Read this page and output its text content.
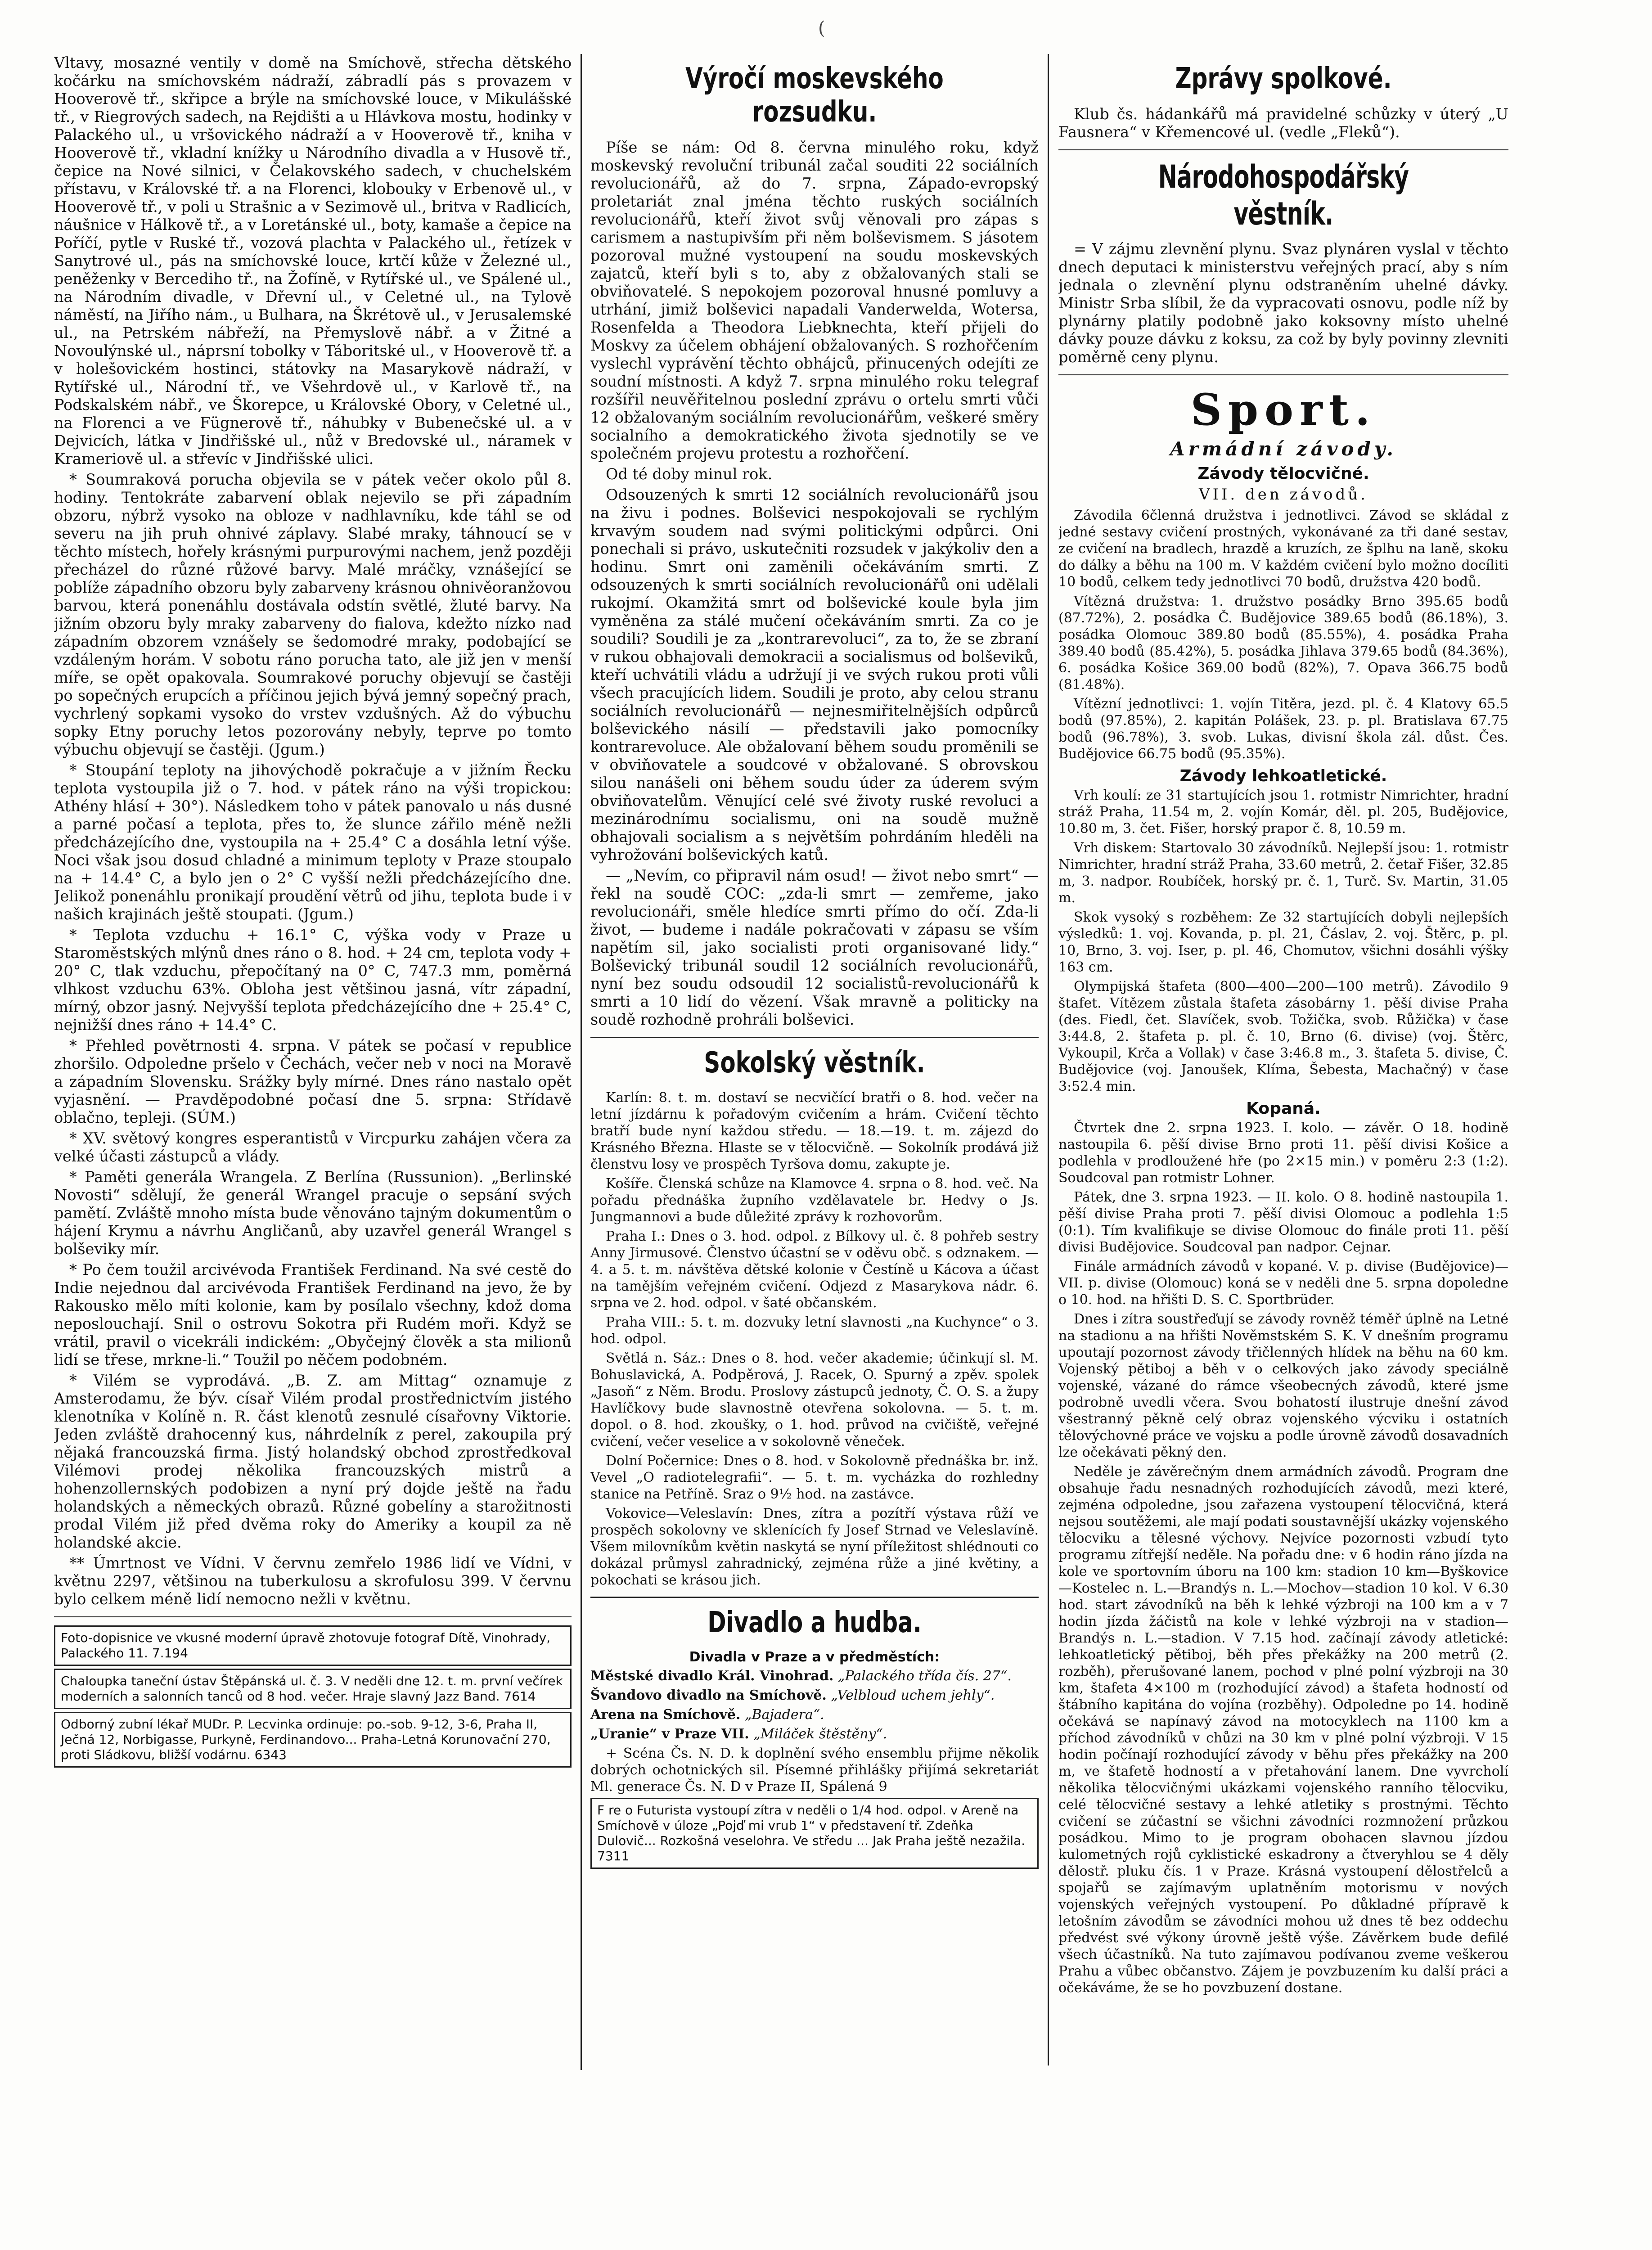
(

Vltavy, mosazné ventily v domě na Smíchově, střecha dětského kočárku na smíchovském nádraží, zábradlí pás s provazem v Hooverově tř., skřipce a brýle na smíchovské louce, v Mikulášské tř., v Riegrových sadech, na Rejdišti a u Hlávkova mostu, hodinky v Palackého ul., u vršovického nádraží a v Hooverově tř., kniha v Hooverově tř., vkladní knížky u Národního divadla a v Husově tř., čepice na Nové silnici, v Čelakovského sadech, v chuchelském přístavu, v Královské tř. a na Florenci, klobouky v Erbenově ul., v Hooverově tř., v poli u Strašnic a v Sezimově ul., britva v Radlicích, náušnice v Hálkově tř., a v Loretánské ul., boty, kamaše a čepice na Poříčí, pytle v Ruské tř., vozová plachta v Palackého ul., řetízek v Sanytrové ul., pás na smíchovské louce, krtčí kůže v Železné ul., peněženky v Bercediho tř., na Žofíně, v Rytířské ul., ve Spálené ul., na Národním divadle, v Dřevní ul., v Celetné ul., na Tylově náměstí, na Jiřího nám., u Bulhara, na Škrétově ul., v Jerusalemské ul., na Petrském nábřeží, na Přemyslově nábř. a v Žitné a Novoulýnské ul., náprsní tobolky v Táboritské ul., v Hooverově tř. a v holešovickém hostinci, státovky na Masarykově nádraží, v Rytířské ul., Národní tř., ve Všehrdově ul., v Karlově tř., na Podskalském nábř., ve Škorepce, u Královské Obory, v Celetné ul., na Florenci a ve Fügnerově tř., náhubky v Bubenečské ul. a v Dejvicích, látka v Jindřišské ul., nůž v Bredovské ul., náramek v Krameriově ul. a střevíc v Jindřišské ulici.

* Soumraková porucha objevila se v pátek večer okolo půl 8. hodiny. Tentokráte zabarvení oblak nejevilo se při západním obzoru, nýbrž vysoko na obloze v nadhlavníku, kde táhl se od severu na jih pruh ohnivé záplavy. Slabé mraky, táhnoucí se v těchto místech, hořely krásnými purpurovými nachem, jenž později přecházel do různé růžové barvy. Malé mráčky, vznášející se poblíže západního obzoru byly zabarveny krásnou ohnivěoranžovou barvou, která ponenáhlu dostávala odstín světlé, žluté barvy. Na jižním obzoru byly mraky zabarveny do fialova, kdežto nízko nad západním obzorem vznášely se šedomodré mraky, podobající se vzdáleným horám. V sobotu ráno porucha tato, ale již jen v menší míře, se opět opakovala. Soumrakové poruchy objevují se častěji po sopečných erupcích a příčinou jejich bývá jemný sopečný prach, vychrlený sopkami vysoko do vrstev vzdušných. Až do výbuchu sopky Etny poruchy letos pozorovány nebyly, teprve po tomto výbuchu objevují se častěji. (Jgum.)

* Stoupání teploty na jihovýchodě pokračuje a v jižním Řecku teplota vystoupila již o 7. hod. v pátek ráno na výši tropickou: Athény hlásí + 30°). Následkem toho v pátek panovalo u nás dusné a parné počasí a teplota, přes to, že slunce zářilo méně nežli předcházejícího dne, vystoupila na + 25.4° C a dosáhla letní výše. Noci však jsou dosud chladné a minimum teploty v Praze stoupalo na + 14.4° C, a bylo jen o 2° C vyšší nežli předcházejícího dne. Jelikož ponenáhlu pronikají proudění větrů od jihu, teplota bude i v našich krajinách ještě stoupati. (Jgum.)

* Teplota vzduchu + 16.1° C, výška vody v Praze u Staroměstských mlýnů dnes ráno o 8. hod. + 24 cm, teplota vody + 20° C, tlak vzduchu, přepočítaný na 0° C, 747.3 mm, poměrná vlhkost vzduchu 63%. Obloha jest většinou jasná, vítr západní, mírný, obzor jasný. Nejvyšší teplota předcházejícího dne + 25.4° C, nejnižší dnes ráno + 14.4° C.

* Přehled povětrnosti 4. srpna. V pátek se počasí v republice zhoršilo. Odpoledne pršelo v Čechách, večer neb v noci na Moravě a západním Slovensku. Srážky byly mírné. Dnes ráno nastalo opět vyjasnění. — Pravděpodobné počasí dne 5. srpna: Střídavě oblačno, tepleji. (SÚM.)

* XV. světový kongres esperantistů v Vircpurku zahájen včera za velké účasti zástupců a vlády.

* Paměti generála Wrangela. Z Berlína (Russunion). „Berlinské Novosti“ sdělují, že generál Wrangel pracuje o sepsání svých pamětí. Zvláště mnoho místa bude věnováno tajným dokumentům o hájení Krymu a návrhu Angličanů, aby uzavřel generál Wrangel s bolševiky mír.

* Po čem toužil arcivévoda František Ferdinand. Na své cestě do Indie nejednou dal arcivévoda František Ferdinand na jevo, že by Rakousko mělo míti kolonie, kam by posílalo všechny, kdož doma neposlouchají. Snil o ostrovu Sokotra při Rudém moři. Když se vrátil, pravil o vicekráli indickém: „Obyčejný člověk a sta milionů lidí se třese, mrkne-li.“ Toužil po něčem podobném.

* Vilém se vyprodává. „B. Z. am Mittag“ oznamuje z Amsterodamu, že býv. císař Vilém prodal prostřednictvím jistého klenotníka v Kolíně n. R. část klenotů zesnulé císařovny Viktorie. Jeden zvláště drahocenný kus, náhrdelník z perel, zakoupila prý nějaká francouzská firma. Jistý holandský obchod zprostředkoval Vilémovi prodej několika francouzských mistrů a hohenzollernských podobizen a nyní prý dojde ještě na řadu holandských a německých obrazů. Různé gobelíny a starožitnosti prodal Vilém již před dvěma roky do Ameriky a koupil za ně holandské akcie.

** Úmrtnost ve Vídni. V červnu zemřelo 1986 lidí ve Vídni, v květnu 2297, většinou na tuberkulosu a skrofulosu 399. V červnu bylo celkem méně lidí nemocno nežli v květnu.

Foto-dopisnice ve vkusné moderní úpravě zhotovuje fotograf Dítě, Vinohrady, Palackého 11. 7.194
Chaloupka taneční ústav Štěpánská ul. č. 3. V neděli dne 12. t. m. první večírek moderních a salonních tanců od 8 hod. večer. Hraje slavný Jazz Band. 7614
Odborný zubní lékař MUDr. P. Lecvinka ordinuje: po.-sob. 9-12, 3-6, Praha II, Ječná 12, Norbigasse, Purkyně, Ferdinandovo... Praha-Letná Korunovační 270, proti Sládkovu, bližší vodárnu. 6343
Výročí moskevského rozsudku.

Píše se nám: Od 8. června minulého roku, když moskevský revoluční tribunál začal souditi 22 sociálních revolucionářů, až do 7. srpna, Západo-evropský proletariát znal jména těchto ruských sociálních revolucionářů, kteří život svůj věnovali pro zápas s carismem a nastupivším při něm bolševismem. S jásotem pozoroval mužné vystoupení na soudu moskevských zajatců, kteří byli s to, aby z obžalovaných stali se obviňovatelé. S nepokojem pozoroval hnusné pomluvy a utrhání, jimiž bolševici napadali Vanderwelda, Wotersa, Rosenfelda a Theodora Liebknechta, kteří přijeli do Moskvy za účelem obhájení obžalovaných. S rozhořčením vyslechl vyprávění těchto obhájců, přinucených odejíti ze soudní místnosti. A když 7. srpna minulého roku telegraf rozšířil neuvěřitelnou poslední zprávu o ortelu smrti vůči 12 obžalovaným sociálním revolucionářům, veškeré směry socialního a demokratického života sjednotily se ve společném projevu protestu a rozhořčení.

Od té doby minul rok.

Odsouzených k smrti 12 sociálních revolucionářů jsou na živu i podnes. Bolševici nespokojovali se rychlým krvavým soudem nad svými politickými odpůrci. Oni ponechali si právo, uskutečniti rozsudek v jakýkoliv den a hodinu. Smrt oni zaměnili očekáváním smrti. Z odsouzených k smrti sociálních revolucionářů oni udělali rukojmí. Okamžitá smrt od bolševické koule byla jim vyměněna za stálé mučení očekáváním smrti. Za co je soudili? Soudili je za „kontrarevoluci“, za to, že se zbraní v rukou obhajovali demokracii a socialismus od bolševiků, kteří uchvátili vládu a udržují ji ve svých rukou proti vůli všech pracujících lidem. Soudili je proto, aby celou stranu sociálních revolucionářů — nejnesmiřitelnějších odpůrců bolševického násilí — představili jako pomocníky kontrarevoluce. Ale obžalovaní během soudu proměnili se v obviňovatele a soudcové v obžalované. S obrovskou silou nanášeli oni během soudu úder za úderem svým obviňovatelům. Věnující celé své životy ruské revoluci a mezinárodnímu socialismu, oni na soudě mužně obhajovali socialism a s největším pohrdáním hleděli na vyhrožování bolševických katů.

— „Nevím, co připravil nám osud! — život nebo smrt“ — řekl na soudě COC: „zda-li smrt — zemřeme, jako revolucionáři, směle hledíce smrti přímo do očí. Zda-li život, — budeme i nadále pokračovati v zápasu se vším napětím sil, jako socialisti proti organisované lidy.“ Bolševický tribunál soudil 12 sociálních revolucionářů, nyní bez soudu odsoudil 12 socialistů-revolucionářů k smrti a 10 lidí do vězení. Však mravně a politicky na soudě rozhodně prohráli bolševici.

Sokolský věstník.

Karlín: 8. t. m. dostaví se necvičící bratři o 8. hod. večer na letní jízdárnu k pořadovým cvičením a hrám. Cvičení těchto bratří bude nyní každou středu. — 18.—19. t. m. zájezd do Krásného Března. Hlaste se v tělocvičně. — Sokolník prodává již členstvu losy ve prospěch Tyršova domu, zakupte je.

Košíře. Členská schůze na Klamovce 4. srpna o 8. hod. več. Na pořadu přednáška župního vzdělavatele br. Hedvy o Js. Jungmannovi a bude důležité zprávy k rozhovorům.

Praha I.: Dnes o 3. hod. odpol. z Bílkovy ul. č. 8 pohřeb sestry Anny Jirmusové. Členstvo účastní se v oděvu obč. s odznakem. — 4. a 5. t. m. návštěva dětské kolonie v Čestíně u Kácova a účast na tamějším veřejném cvičení. Odjezd z Masarykova nádr. 6. srpna ve 2. hod. odpol. v šaté občanském.

Praha VIII.: 5. t. m. dozvuky letní slavnosti „na Kuchynce“ o 3. hod. odpol.

Světlá n. Sáz.: Dnes o 8. hod. večer akademie; účinkují sl. M. Bohuslavická, A. Podpěrová, J. Racek, O. Spurný a zpěv. spolek „Jasoň“ z Něm. Brodu. Proslovy zástupců jednoty, Č. O. S. a župy Havlíčkovy bude slavnostně otevřena sokolovna. — 5. t. m. dopol. o 8. hod. zkoušky, o 1. hod. průvod na cvičiště, veřejné cvičení, večer veselice a v sokolovně věneček.

Dolní Počernice: Dnes o 8. hod. v Sokolovně přednáška br. inž. Vevel „O radiotelegrafii“. — 5. t. m. vycházka do rozhledny stanice na Petříně. Sraz o 9½ hod. na zastávce.

Vokovice—Veleslavín: Dnes, zítra a pozítří výstava růží ve prospěch sokolovny ve sklenících fy Josef Strnad ve Veleslavíně. Všem milovníkům květin naskytá se nyní příležitost shlédnouti co dokázal průmysl zahradnický, zejména růže a jiné květiny, a pokochati se krásou jich.

Divadlo a hudba.
Divadla v Praze a v předměstích:

Městské divadlo Král. Vinohrad. „Palackého třída čís. 27“.

Švandovo divadlo na Smíchově. „Velbloud uchem jehly“.

Arena na Smíchově. „Bajadera“.

„Uranie“ v Praze VII. „Miláček štěstěny“.

+ Scéna Čs. N. D. k doplnění svého ensemblu přijme několik dobrých ochotnických sil. Písemné přihlášky přijímá sekretariát Ml. generace Čs. N. D v Praze II, Spálená 9

F re o Futurista vystoupí zítra v neděli o 1/4 hod. odpol. v Areně na Smíchově v úloze „Pojď mi vrub 1“ v představení tř. Zdeňka Dulovič... Rozkošná veselohra. Ve středu ... Jak Praha ještě nezažila. 7311
Zprávy spolkové.

Klub čs. hádankářů má pravidelné schůzky v úterý „U Fausnera“ v Křemencové ul. (vedle „Fleků“).

Národohospodářský věstník.

= V zájmu zlevnění plynu. Svaz plynáren vyslal v těchto dnech deputaci k ministerstvu veřejných prací, aby s ním jednala o zlevnění plynu odstraněním uhelné dávky. Ministr Srba slíbil, že da vypracovati osnovu, podle níž by plynárny platily podobně jako koksovny místo uhelné dávky pouze dávku z koksu, za což by byly povinny zlevniti poměrně ceny plynu.

Sport.
Armádní závody.
Závody tělocvičné.
VII. den závodů.

Závodila 6členná družstva i jednotlivci. Závod se skládal z jedné sestavy cvičení prostných, vykonávané za tři dané sestav, ze cvičení na bradlech, hrazdě a kruzích, ze šplhu na laně, skoku do dálky a běhu na 100 m. V každém cvičení bylo možno docíliti 10 bodů, celkem tedy jednotlivci 70 bodů, družstva 420 bodů.

Vítězná družstva: 1. družstvo posádky Brno 395.65 bodů (87.72%), 2. posádka Č. Budějovice 389.65 bodů (86.18%), 3. posádka Olomouc 389.80 bodů (85.55%), 4. posádka Praha 389.40 bodů (85.42%), 5. posádka Jihlava 379.65 bodů (84.36%), 6. posádka Košice 369.00 bodů (82%), 7. Opava 366.75 bodů (81.48%).

Vítězní jednotlivci: 1. vojín Titěra, jezd. pl. č. 4 Klatovy 65.5 bodů (97.85%), 2. kapitán Polášek, 23. p. pl. Bratislava 67.75 bodů (96.78%), 3. svob. Lukas, divisní škola zál. důst. Čes. Budějovice 66.75 bodů (95.35%).

Závody lehkoatletické.

Vrh koulí: ze 31 startujících jsou 1. rotmistr Nimrichter, hradní stráž Praha, 11.54 m, 2. vojín Komár, děl. pl. 205, Budějovice, 10.80 m, 3. čet. Fišer, horský prapor č. 8, 10.59 m.

Vrh diskem: Startovalo 30 závodníků. Nejlepší jsou: 1. rotmistr Nimrichter, hradní stráž Praha, 33.60 metrů, 2. četař Fišer, 32.85 m, 3. nadpor. Roubíček, horský pr. č. 1, Turč. Sv. Martin, 31.05 m.

Skok vysoký s rozběhem: Ze 32 startujících dobyli nejlepších výsledků: 1. voj. Kovanda, p. pl. 21, Čáslav, 2. voj. Štěrc, p. pl. 10, Brno, 3. voj. Iser, p. pl. 46, Chomutov, všichni dosáhli výšky 163 cm.

Olympijská štafeta (800—400—200—100 metrů). Závodilo 9 štafet. Vítězem zůstala štafeta zásobárny 1. pěší divise Praha (des. Fiedl, čet. Slavíček, svob. Tožička, svob. Růžička) v čase 3:44.8, 2. štafeta p. pl. č. 10, Brno (6. divise) (voj. Štěrc, Vykoupil, Krča a Vollak) v čase 3:46.8 m., 3. štafeta 5. divise, Č. Budějovice (voj. Janoušek, Klíma, Šebesta, Machačný) v čase 3:52.4 min.

Kopaná.

Čtvrtek dne 2. srpna 1923. I. kolo. — závěr. O 18. hodině nastoupila 6. pěší divise Brno proti 11. pěší divisi Košice a podlehla v prodloužené hře (po 2×15 min.) v poměru 2:3 (1:2). Soudcoval pan rotmistr Lohner.

Pátek, dne 3. srpna 1923. — II. kolo. O 8. hodině nastoupila 1. pěší divise Praha proti 7. pěší divisi Olomouc a podlehla 1:5 (0:1). Tím kvalifikuje se divise Olomouc do finále proti 11. pěší divisi Budějovice. Soudcoval pan nadpor. Cejnar.

Finále armádních závodů v kopané. V. p. divise (Budějovice)—VII. p. divise (Olomouc) koná se v neděli dne 5. srpna dopoledne o 10. hod. na hřišti D. S. C. Sportbrüder.

Dnes i zítra soustřeďují se závody rovněž téměř úplně na Letné na stadionu a na hřišti Nověmstském S. K. V dnešním programu upoutají pozornost závody třičlenných hlídek na běhu na 60 km. Vojenský pětiboj a běh v o celkových jako závody speciálně vojenské, vázané do rámce všeobecných závodů, které jsme podrobně uvedli včera. Svou bohatostí ilustruje dnešní závod všestranný pěkně celý obraz vojenského výcviku i ostatních tělovýchovné práce ve vojsku a podle úrovně závodů dosavadních lze očekávati pěkný den.

Neděle je závěrečným dnem armádních závodů. Program dne obsahuje řadu nesnadných rozhodujících závodů, mezi které, zejména odpoledne, jsou zařazena vystoupení tělocvičná, která nejsou soutěžemi, ale mají podati soustavnější ukázky vojenského tělocviku a tělesné výchovy. Nejvíce pozornosti vzbudí tyto programu zítřejší neděle. Na pořadu dne: v 6 hodin ráno jízda na kole ve sportovním úboru na 100 km: stadion 10 km—Byškovice—Kostelec n. L.—Brandýs n. L.—Mochov—stadion 10 kol. V 6.30 hod. start závodníků na běh k lehké výzbroji na 100 km a v 7 hodin jízda žáčistů na kole v lehké výzbroji na v stadion—Brandýs n. L.—stadion. V 7.15 hod. začínají závody atletické: lehkoatletický pětiboj, běh přes překážky na 200 metrů (2. rozběh), přerušované lanem, pochod v plné polní výzbroji na 30 km, štafeta 4×100 m (rozhodující závod) a štafeta hodností od štábního kapitána do vojína (rozběhy). Odpoledne po 14. hodině očekává se napínavý závod na motocyklech na 1100 km a příchod závodníků v chůzi na 30 km v plné polní výzbroji. V 15 hodin počínají rozhodující závody v běhu přes překážky na 200 m, ve štafetě hodností a v přetahování lanem. Dne vyvrcholí několika tělocvičnými ukázkami vojenského ranního tělocviku, celé tělocvičné sestavy a lehké atletiky s prostnými. Těchto cvičení se zúčastní se všichni závodníci rozmnožení průzkou posádkou. Mimo to je program obohacen slavnou jízdou kulometných rojů cyklistické eskadrony a čtveryhlou se 4 děly dělostř. pluku čís. 1 v Praze. Krásná vystoupení dělostřelců a spojařů se zajímavým uplatněním motorismu v nových vojenských veřejných vystoupení. Po důkladné přípravě k letošním závodům se závodníci mohou už dnes tě bez oddechu předvést své výkony úrovně ještě výše. Závěrkem bude defilé všech účastníků. Na tuto zajímavou podívanou zveme veškerou Prahu a vůbec občanstvo. Zájem je povzbuzením ku další práci a očekáváme, že se ho povzbuzení dostane.
